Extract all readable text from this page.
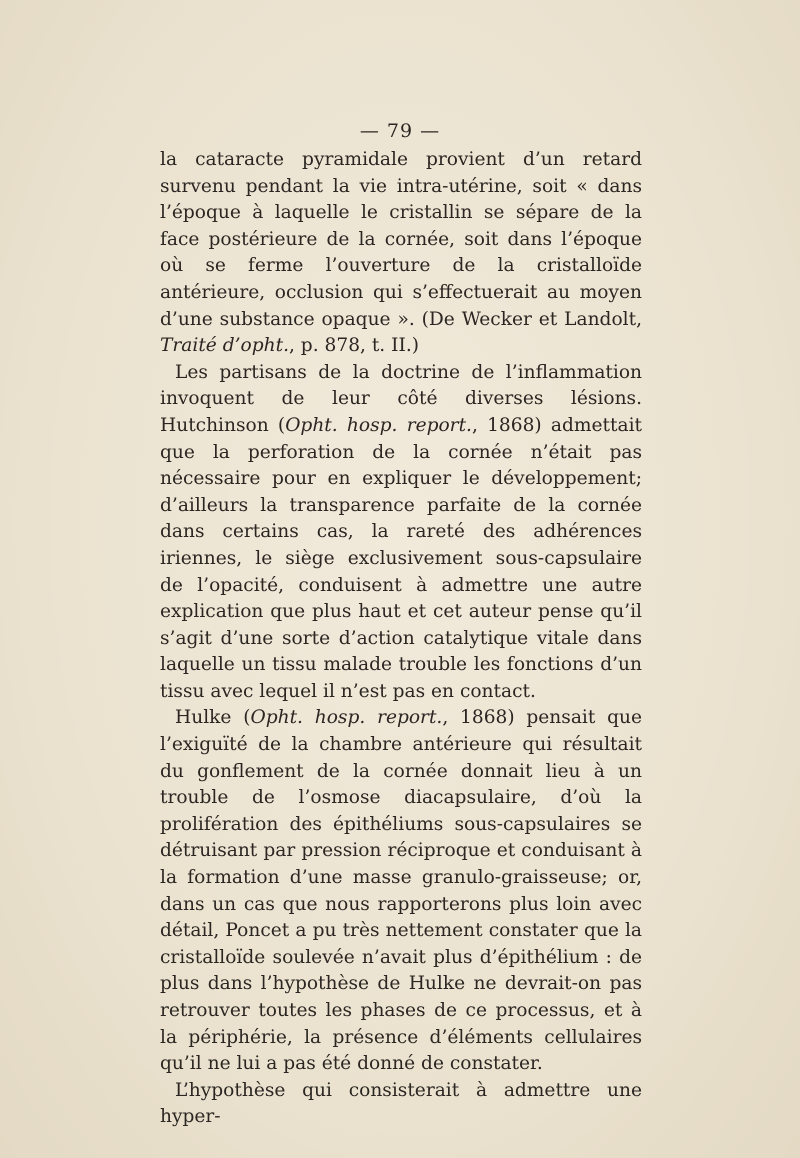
— 79 —

la cataracte pyramidale provient d’un retard survenu pendant la vie intra-utérine, soit « dans l’époque à laquelle le cristallin se sépare de la face postérieure de la cornée, soit dans l’époque où se ferme l’ouverture de la cristalloïde antérieure, occlusion qui s’effectuerait au moyen d’une substance opaque ». (De Wecker et Landolt, Traité d’opht., p. 878, t. II.)

Les partisans de la doctrine de l’inflammation invoquent de leur côté diverses lésions. Hutchinson (Opht. hosp. report., 1868) admettait que la perforation de la cornée n’était pas nécessaire pour en expliquer le développement; d’ailleurs la transparence parfaite de la cornée dans certains cas, la rareté des adhérences iriennes, le siège exclusivement sous-capsulaire de l’opacité, conduisent à admettre une autre explication que plus haut et cet auteur pense qu’il s’agit d’une sorte d’action catalytique vitale dans laquelle un tissu malade trouble les fonctions d’un tissu avec lequel il n’est pas en contact.

Hulke (Opht. hosp. report., 1868) pensait que l’exiguïté de la chambre antérieure qui résultait du gonflement de la cornée donnait lieu à un trouble de l’osmose diacapsulaire, d’où la prolifération des épithéliums sous-capsulaires se détruisant par pression réciproque et conduisant à la formation d’une masse granulo-graisseuse; or, dans un cas que nous rapporterons plus loin avec détail, Poncet a pu très nettement constater que la cristalloïde soulevée n’avait plus d’épithélium : de plus dans l’hypothèse de Hulke ne devrait-on pas retrouver toutes les phases de ce processus, et à la périphérie, la présence d’éléments cellulaires qu’il ne lui a pas été donné de constater.

L’hypothèse qui consisterait à admettre une hyper-
